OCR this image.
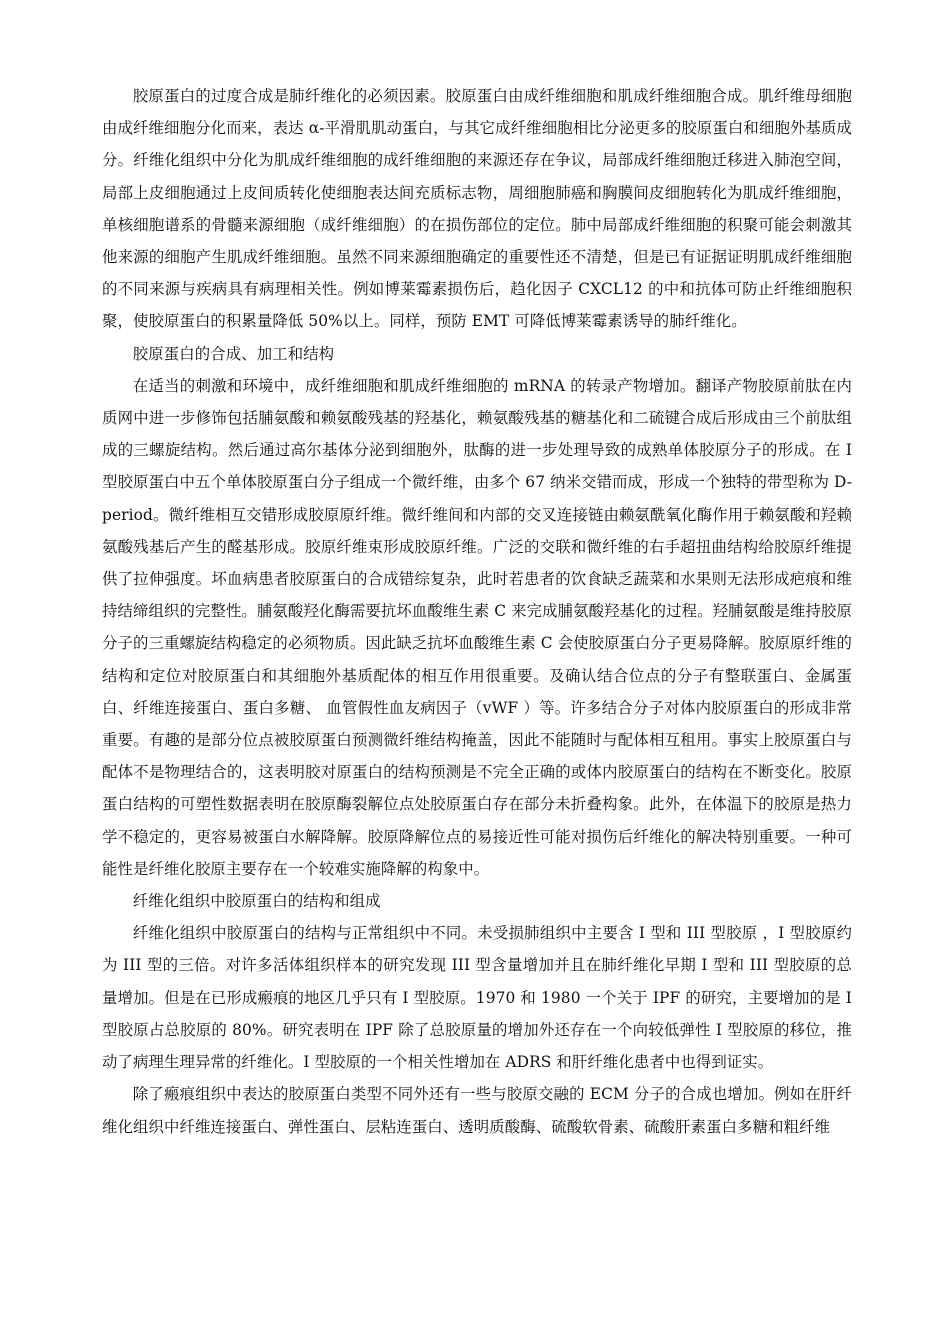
胶原蛋白的过度合成是肺纤维化的必须因素。胶原蛋白由成纤维细胞和肌成纤维细胞合成。肌纤维母细胞由成纤维细胞分化而来，表达 α-平滑肌肌动蛋白，与其它成纤维细胞相比分泌更多的胶原蛋白和细胞外基质成分。纤维化组织中分化为肌成纤维细胞的成纤维细胞的来源还存在争议，局部成纤维细胞迁移进入肺泡空间，局部上皮细胞通过上皮间质转化使细胞表达间充质标志物，周细胞肺癌和胸膜间皮细胞转化为肌成纤维细胞，单核细胞谱系的骨髓来源细胞（成纤维细胞）的在损伤部位的定位。肺中局部成纤维细胞的积聚可能会刺激其他来源的细胞产生肌成纤维细胞。虽然不同来源细胞确定的重要性还不清楚，但是已有证据证明肌成纤维细胞的不同来源与疾病具有病理相关性。例如博莱霉素损伤后，趋化因子 CXCL12 的中和抗体可防止纤维细胞积聚，使胶原蛋白的积累量降低 50%以上。同样，预防 EMT 可降低博莱霉素诱导的肺纤维化。

胶原蛋白的合成、加工和结构

在适当的刺激和环境中，成纤维细胞和肌成纤维细胞的 mRNA 的转录产物增加。翻译产物胶原前肽在内质网中进一步修饰包括脯氨酸和赖氨酸残基的羟基化，赖氨酸残基的糖基化和二硫键合成后形成由三个前肽组成的三螺旋结构。然后通过高尔基体分泌到细胞外，肽酶的进一步处理导致的成熟单体胶原分子的形成。在 I 型胶原蛋白中五个单体胶原蛋白分子组成一个微纤维，由多个 67 纳米交错而成，形成一个独特的带型称为 D-period。微纤维相互交错形成胶原原纤维。微纤维间和内部的交叉连接链由赖氨酰氧化酶作用于赖氨酸和羟赖氨酸残基后产生的醛基形成。胶原纤维束形成胶原纤维。广泛的交联和微纤维的右手超扭曲结构给胶原纤维提供了拉伸强度。坏血病患者胶原蛋白的合成错综复杂，此时若患者的饮食缺乏蔬菜和水果则无法形成疤痕和维持结缔组织的完整性。脯氨酸羟化酶需要抗坏血酸维生素 C 来完成脯氨酸羟基化的过程。羟脯氨酸是维持胶原分子的三重螺旋结构稳定的必须物质。因此缺乏抗坏血酸维生素 C 会使胶原蛋白分子更易降解。胶原原纤维的结构和定位对胶原蛋白和其细胞外基质配体的相互作用很重要。及确认结合位点的分子有整联蛋白、金属蛋白、纤维连接蛋白、蛋白多糖、 血管假性血友病因子（vWF ）等。许多结合分子对体内胶原蛋白的形成非常重要。有趣的是部分位点被胶原蛋白预测微纤维结构掩盖，因此不能随时与配体相互租用。事实上胶原蛋白与配体不是物理结合的，这表明胶对原蛋白的结构预测是不完全正确的或体内胶原蛋白的结构在不断变化。胶原蛋白结构的可塑性数据表明在胶原酶裂解位点处胶原蛋白存在部分未折叠构象。此外，在体温下的胶原是热力学不稳定的，更容易被蛋白水解降解。胶原降解位点的易接近性可能对损伤后纤维化的解决特别重要。一种可能性是纤维化胶原主要存在一个较难实施降解的构象中。

纤维化组织中胶原蛋白的结构和组成

纤维化组织中胶原蛋白的结构与正常组织中不同。未受损肺组织中主要含 I 型和 III 型胶原 ，I 型胶原约为 III 型的三倍。对许多活体组织样本的研究发现 III 型含量增加并且在肺纤维化早期 I 型和 III 型胶原的总量增加。但是在已形成瘢痕的地区几乎只有 I 型胶原。1970 和 1980 一个关于 IPF 的研究，主要增加的是 I 型胶原占总胶原的 80%。研究表明在 IPF 除了总胶原量的增加外还存在一个向较低弹性 I 型胶原的移位，推动了病理生理异常的纤维化。I 型胶原的一个相关性增加在 ADRS 和肝纤维化患者中也得到证实。

除了瘢痕组织中表达的胶原蛋白类型不同外还有一些与胶原交融的 ECM 分子的合成也增加。例如在肝纤维化组织中纤维连接蛋白、弹性蛋白、层粘连蛋白、透明质酸酶、硫酸软骨素、硫酸肝素蛋白多糖和粗纤维
